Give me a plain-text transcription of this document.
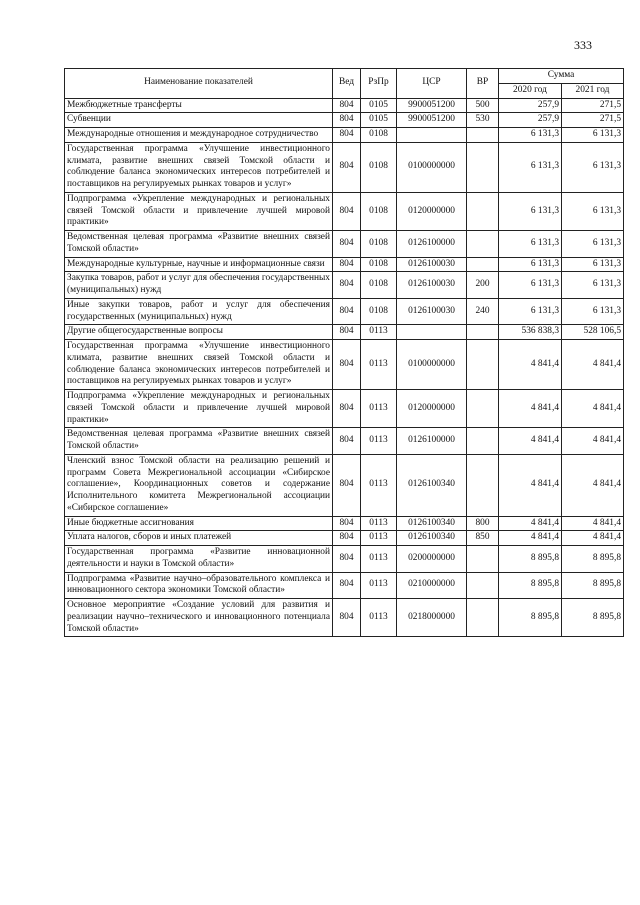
333
Наименование показателей	Вед	РзПр	ЦСР	ВР	Сумма	
					2020 год	2021 год
Межбюджетные трансферты	804	0105	9900051200	500	257,9	271,5
Субвенции	804	0105	9900051200	530	257,9	271,5
Международные отношения и международное сотрудничество	804	0108			6 131,3	6 131,3
Государственная программа «Улучшение инвестиционного климата, развитие внешних связей Томской области и соблюдение баланса экономических интересов потребителей и поставщиков на регулируемых рынках товаров и услуг»	804	0108	0100000000		6 131,3	6 131,3
Подпрограмма «Укрепление международных и региональных связей Томской области и привлечение лучшей мировой практики»	804	0108	0120000000		6 131,3	6 131,3
Ведомственная целевая программа «Развитие внешних связей Томской области»	804	0108	0126100000		6 131,3	6 131,3
Международные культурные, научные и информационные связи	804	0108	0126100030		6 131,3	6 131,3
Закупка товаров, работ и услуг для обеспечения государственных (муниципальных) нужд	804	0108	0126100030	200	6 131,3	6 131,3
Иные закупки товаров, работ и услуг для обеспечения государственных (муниципальных) нужд	804	0108	0126100030	240	6 131,3	6 131,3
Другие общегосударственные вопросы	804	0113			536 838,3	528 106,5
Государственная программа «Улучшение инвестиционного климата, развитие внешних связей Томской области и соблюдение баланса экономических интересов потребителей и поставщиков на регулируемых рынках товаров и услуг»	804	0113	0100000000		4 841,4	4 841,4
Подпрограмма «Укрепление международных и региональных связей Томской области и привлечение лучшей мировой практики»	804	0113	0120000000		4 841,4	4 841,4
Ведомственная целевая программа «Развитие внешних связей Томской области»	804	0113	0126100000		4 841,4	4 841,4
Членский взнос Томской области на реализацию решений и программ Совета Межрегиональной ассоциации «Сибирское соглашение», Координационных советов и содержание Исполнительного комитета Межрегиональной ассоциации «Сибирское соглашение»	804	0113	0126100340		4 841,4	4 841,4
Иные бюджетные ассигнования	804	0113	0126100340	800	4 841,4	4 841,4
Уплата налогов, сборов и иных платежей	804	0113	0126100340	850	4 841,4	4 841,4
Государственная программа «Развитие инновационной деятельности и науки в Томской области»	804	0113	0200000000		8 895,8	8 895,8
Подпрограмма «Развитие научно–образовательного комплекса и инновационного сектора экономики Томской области»	804	0113	0210000000		8 895,8	8 895,8
Основное мероприятие «Создание условий для развития и реализации научно–технического и инновационного потенциала Томской области»	804	0113	0218000000		8 895,8	8 895,8
